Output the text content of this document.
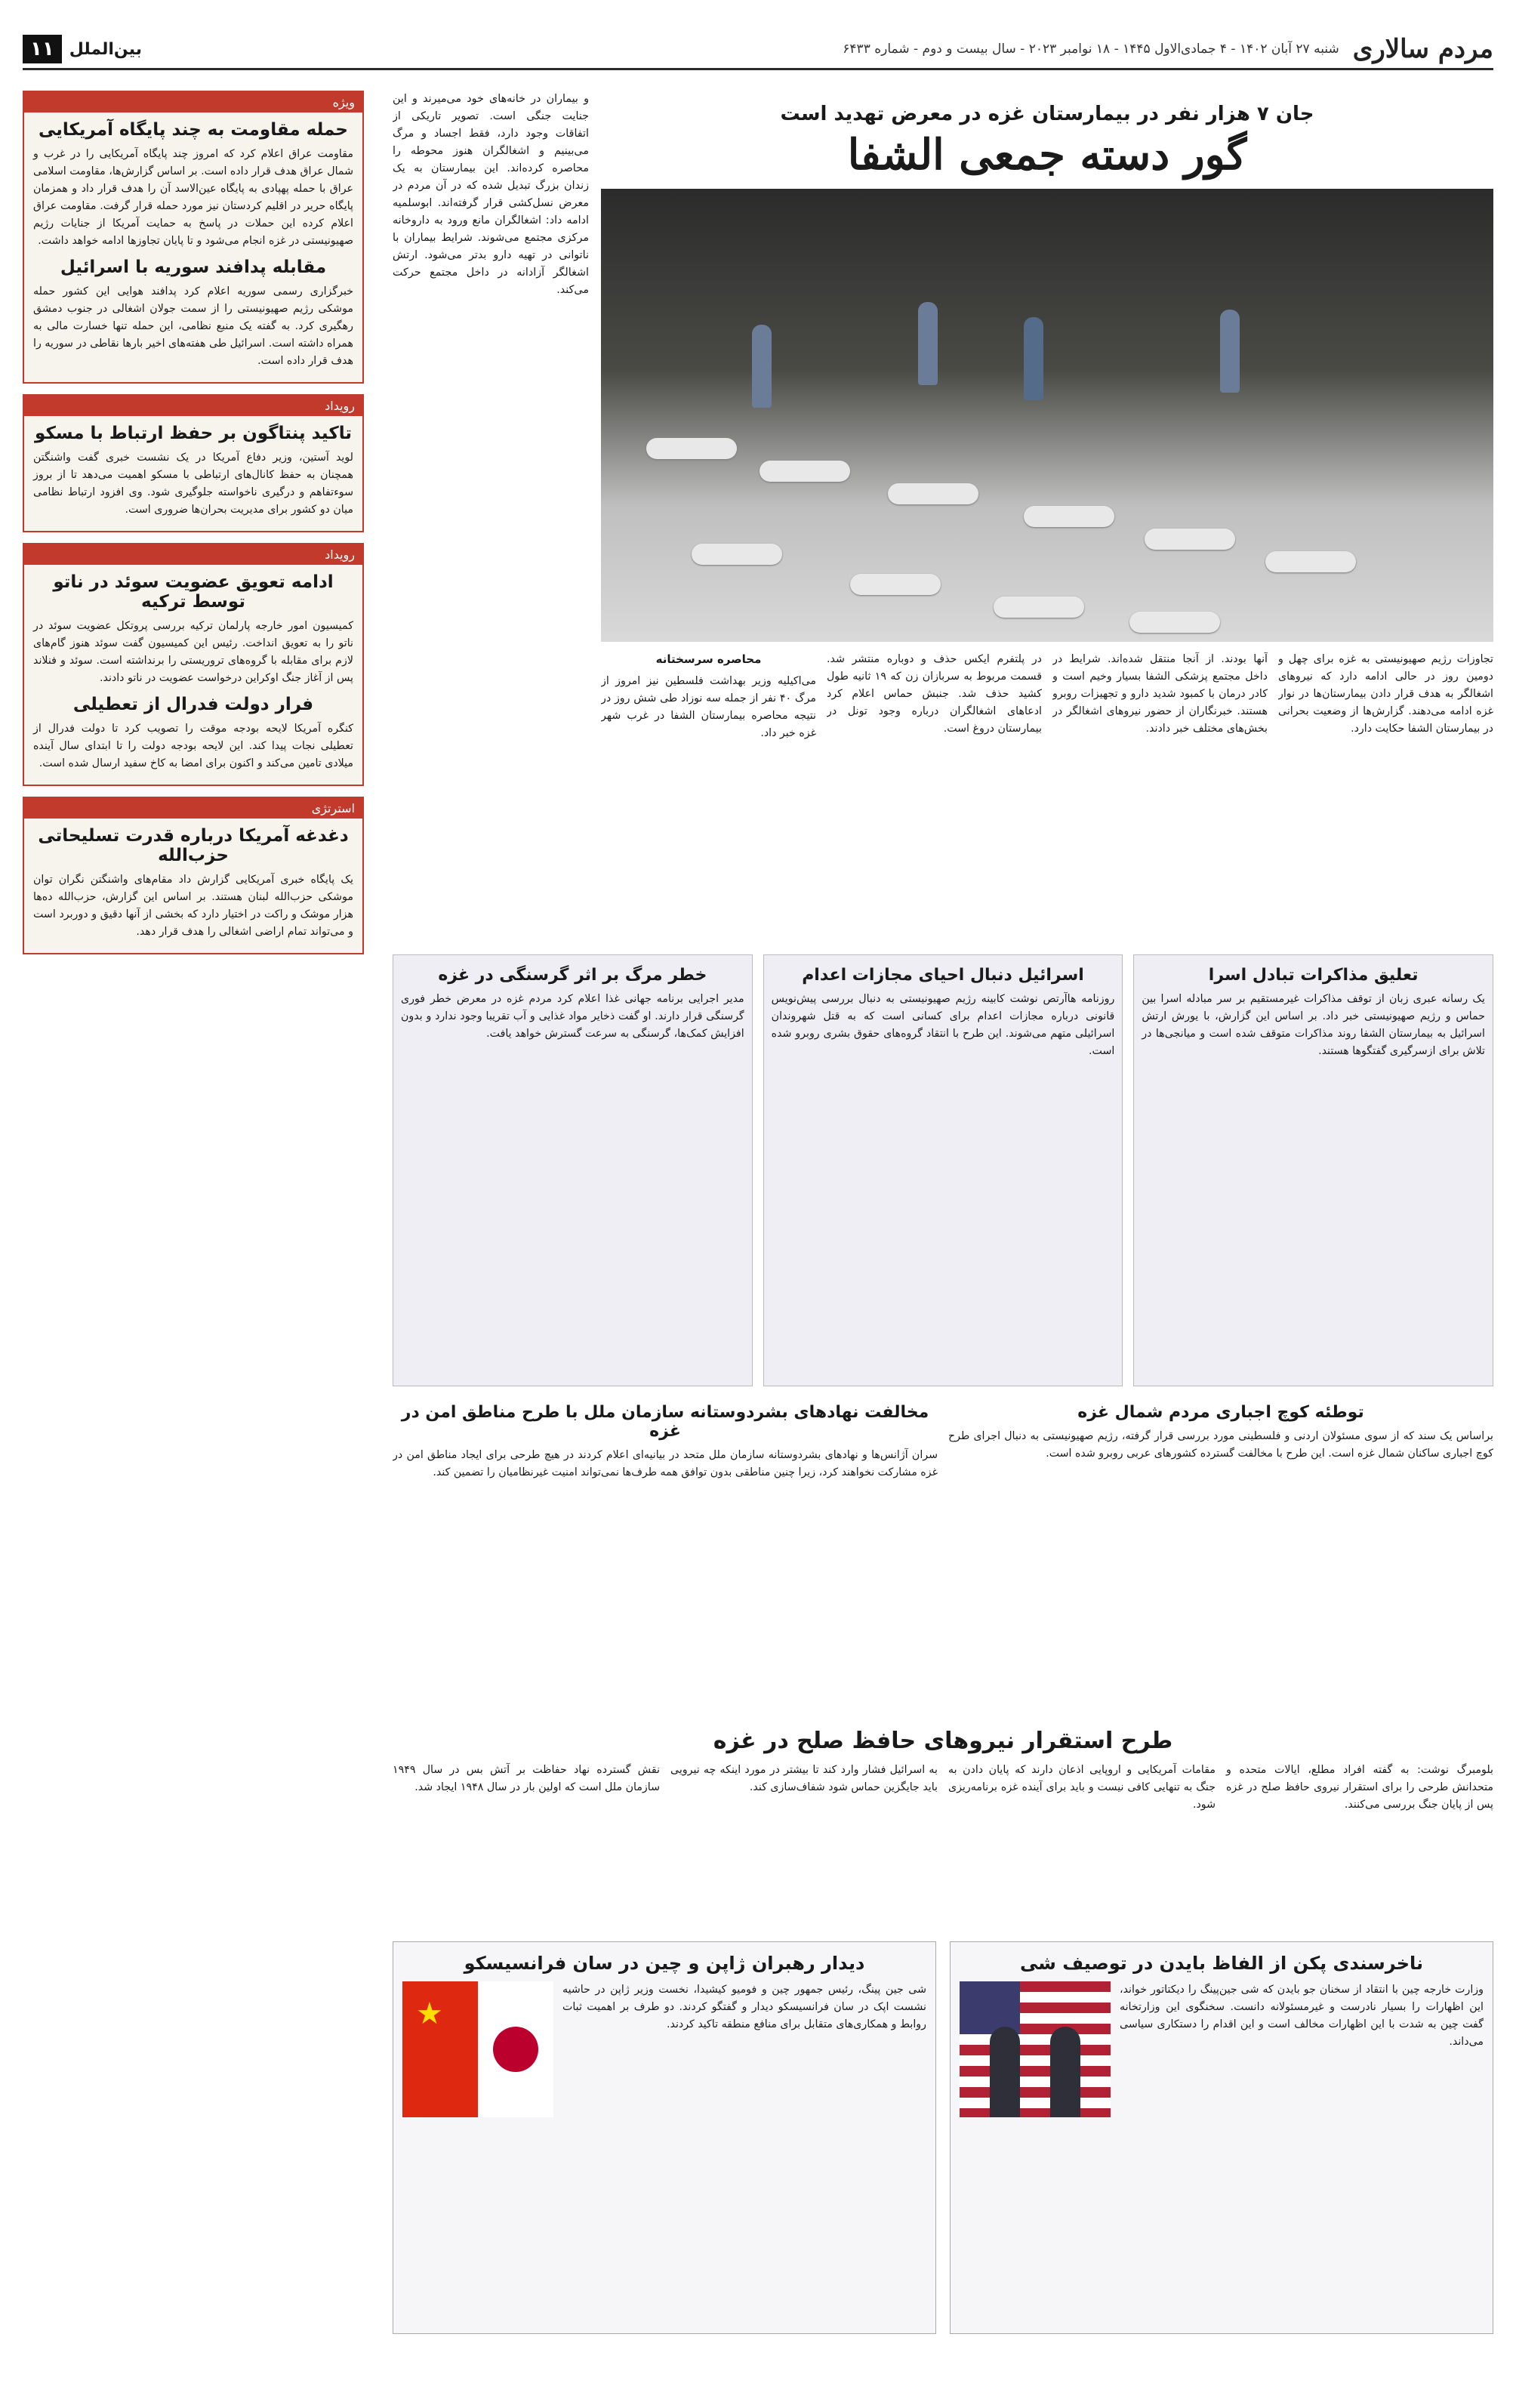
مردم سالاری
شنبه ۲۷ آبان ۱۴۰۲ - ۴ جمادی‌الاول ۱۴۴۵ - ۱۸ نوامبر ۲۰۲۳ - سال بیست و دوم - شماره ۶۴۳۳
بین‌الملل
۱۱
جان ۷ هزار نفر در بیمارستان غزه در معرض تهدید است
گور دسته جمعی الشفا
تجاوزات رژیم صهیونیستی به غزه برای چهل و دومین روز در حالی ادامه دارد که نیروهای اشغالگر به هدف قرار دادن بیمارستان‌ها در نوار غزه ادامه می‌دهند. گزارش‌ها از وضعیت بحرانی در بیمارستان الشفا حکایت دارد.
آنها بودند. از آنجا منتقل شده‌اند. شرایط در داخل مجتمع پزشکی الشفا بسیار وخیم است و کادر درمان با کمبود شدید دارو و تجهیزات روبرو هستند. خبرنگاران از حضور نیروهای اشغالگر در بخش‌های مختلف خبر دادند.
در پلتفرم ایکس حذف و دوباره منتشر شد. قسمت مربوط به سربازان زن که ۱۹ ثانیه طول کشید حذف شد. جنبش حماس اعلام کرد ادعاهای اشغالگران درباره وجود تونل در بیمارستان دروغ است.

محاصره سرسختانه

می‌اکیلیه وزیر بهداشت فلسطین نیز امروز از مرگ ۴۰ نفر از جمله سه نوزاد طی شش روز در نتیجه محاصره بیمارستان الشفا در غرب شهر غزه خبر داد.
و بیماران در خانه‌های خود می‌میرند و این جنایت جنگی است. تصویر تاریکی از اتفاقات وجود دارد، فقط اجساد و مرگ می‌بینیم و اشغالگران هنوز محوطه را محاصره کرده‌اند. این بیمارستان به یک زندان بزرگ تبدیل شده که در آن مردم در معرض نسل‌کشی قرار گرفته‌اند. ابوسلمیه ادامه داد: اشغالگران مانع ورود به داروخانه مرکزی مجتمع می‌شوند. شرایط بیماران با ناتوانی در تهیه دارو بدتر می‌شود. ارتش اشغالگر آزادانه در داخل مجتمع حرکت می‌کند.
تعلیق مذاکرات تبادل اسرا

یک رسانه عبری زبان از توقف مذاکرات غیرمستقیم بر سر مبادله اسرا بین حماس و رژیم صهیونیستی خبر داد. بر اساس این گزارش، با یورش ارتش اسرائیل به بیمارستان الشفا روند مذاکرات متوقف شده است و میانجی‌ها در تلاش برای ازسرگیری گفتگوها هستند.

اسرائیل دنبال احیای مجازات اعدام

روزنامه هاآرتص نوشت کابینه رژیم صهیونیستی به دنبال بررسی پیش‌نویس قانونی درباره مجازات اعدام برای کسانی است که به قتل شهروندان اسرائیلی متهم می‌شوند. این طرح با انتقاد گروه‌های حقوق بشری روبرو شده است.

خطر مرگ بر اثر گرسنگی در غزه

مدیر اجرایی برنامه جهانی غذا اعلام کرد مردم غزه در معرض خطر فوری گرسنگی قرار دارند. او گفت ذخایر مواد غذایی و آب تقریبا وجود ندارد و بدون افزایش کمک‌ها، گرسنگی به سرعت گسترش خواهد یافت.

توطئه کوچ اجباری مردم شمال غزه

براساس یک سند که از سوی مسئولان اردنی و فلسطینی مورد بررسی قرار گرفته، رژیم صهیونیستی به دنبال اجرای طرح کوچ اجباری ساکنان شمال غزه است. این طرح با مخالفت گسترده کشورهای عربی روبرو شده است.

مخالفت نهادهای بشردوستانه سازمان ملل با طرح مناطق امن در غزه

سران آژانس‌ها و نهادهای بشردوستانه سازمان ملل متحد در بیانیه‌ای اعلام کردند در هیچ طرحی برای ایجاد مناطق امن در غزه مشارکت نخواهند کرد، زیرا چنین مناطقی بدون توافق همه طرف‌ها نمی‌تواند امنیت غیرنظامیان را تضمین کند.

طرح استقرار نیروهای حافظ صلح در غزه
بلومبرگ نوشت: به گفته افراد مطلع، ایالات متحده و متحدانش طرحی را برای استقرار نیروی حافظ صلح در غزه پس از پایان جنگ بررسی می‌کنند.
مقامات آمریکایی و اروپایی اذعان دارند که پایان دادن به جنگ به تنهایی کافی نیست و باید برای آینده غزه برنامه‌ریزی شود.
به اسرائیل فشار وارد کند تا بیشتر در مورد اینکه چه نیرویی باید جایگزین حماس شود شفاف‌سازی کند.
نقش گسترده نهاد حفاظت بر آتش بس در سال ۱۹۴۹ سازمان ملل است که اولین بار در سال ۱۹۴۸ ایجاد شد.
ناخرسندی پکن از الفاظ بایدن در توصیف شی
وزارت خارجه چین با انتقاد از سخنان جو بایدن که شی جین‌پینگ را دیکتاتور خواند، این اظهارات را بسیار نادرست و غیرمسئولانه دانست. سخنگوی این وزارتخانه گفت چین به شدت با این اظهارات مخالف است و این اقدام را دستکاری سیاسی می‌داند.
دیدار رهبران ژاپن و چین در سان فرانسیسکو
شی جین پینگ، رئیس جمهور چین و فومیو کیشیدا، نخست وزیر ژاپن در حاشیه نشست اپک در سان فرانسیسکو دیدار و گفتگو کردند. دو طرف بر اهمیت ثبات روابط و همکاری‌های متقابل برای منافع منطقه تاکید کردند.
★
ویژه
حمله مقاومت به چند پایگاه آمریکایی

مقاومت عراق اعلام کرد که امروز چند پایگاه آمریکایی را در غرب و شمال عراق هدف قرار داده است. بر اساس گزارش‌ها، مقاومت اسلامی عراق با حمله پهپادی به پایگاه عین‌الاسد آن را هدف قرار داد و همزمان پایگاه حریر در اقلیم کردستان نیز مورد حمله قرار گرفت. مقاومت عراق اعلام کرده این حملات در پاسخ به حمایت آمریکا از جنایات رژیم صهیونیستی در غزه انجام می‌شود و تا پایان تجاوزها ادامه خواهد داشت.

مقابله پدافند سوریه با اسرائیل

خبرگزاری رسمی سوریه اعلام کرد پدافند هوایی این کشور حمله موشکی رژیم صهیونیستی را از سمت جولان اشغالی در جنوب دمشق رهگیری کرد. به گفته یک منبع نظامی، این حمله تنها خسارت مالی به همراه داشته است. اسرائیل طی هفته‌های اخیر بارها نقاطی در سوریه را هدف قرار داده است.

رویداد
تاکید پنتاگون بر حفظ ارتباط با مسکو

لوید آستین، وزیر دفاع آمریکا در یک نشست خبری گفت واشنگتن همچنان به حفظ کانال‌های ارتباطی با مسکو اهمیت می‌دهد تا از بروز سوءتفاهم و درگیری ناخواسته جلوگیری شود. وی افزود ارتباط نظامی میان دو کشور برای مدیریت بحران‌ها ضروری است.

رویداد
ادامه تعویق عضویت سوئد در ناتو توسط ترکیه

کمیسیون امور خارجه پارلمان ترکیه بررسی پروتکل عضویت سوئد در ناتو را به تعویق انداخت. رئیس این کمیسیون گفت سوئد هنوز گام‌های لازم برای مقابله با گروه‌های تروریستی را برنداشته است. سوئد و فنلاند پس از آغاز جنگ اوکراین درخواست عضویت در ناتو دادند.

فرار دولت فدرال از تعطیلی

کنگره آمریکا لایحه بودجه موقت را تصویب کرد تا دولت فدرال از تعطیلی نجات پیدا کند. این لایحه بودجه دولت را تا ابتدای سال آینده میلادی تامین می‌کند و اکنون برای امضا به کاخ سفید ارسال شده است.

استرتژی
دغدغه آمریکا درباره قدرت تسلیحاتی حزب‌الله

یک پایگاه خبری آمریکایی گزارش داد مقام‌های واشنگتن نگران توان موشکی حزب‌الله لبنان هستند. بر اساس این گزارش، حزب‌الله ده‌ها هزار موشک و راکت در اختیار دارد که بخشی از آنها دقیق و دوربرد است و می‌تواند تمام اراضی اشغالی را هدف قرار دهد.
